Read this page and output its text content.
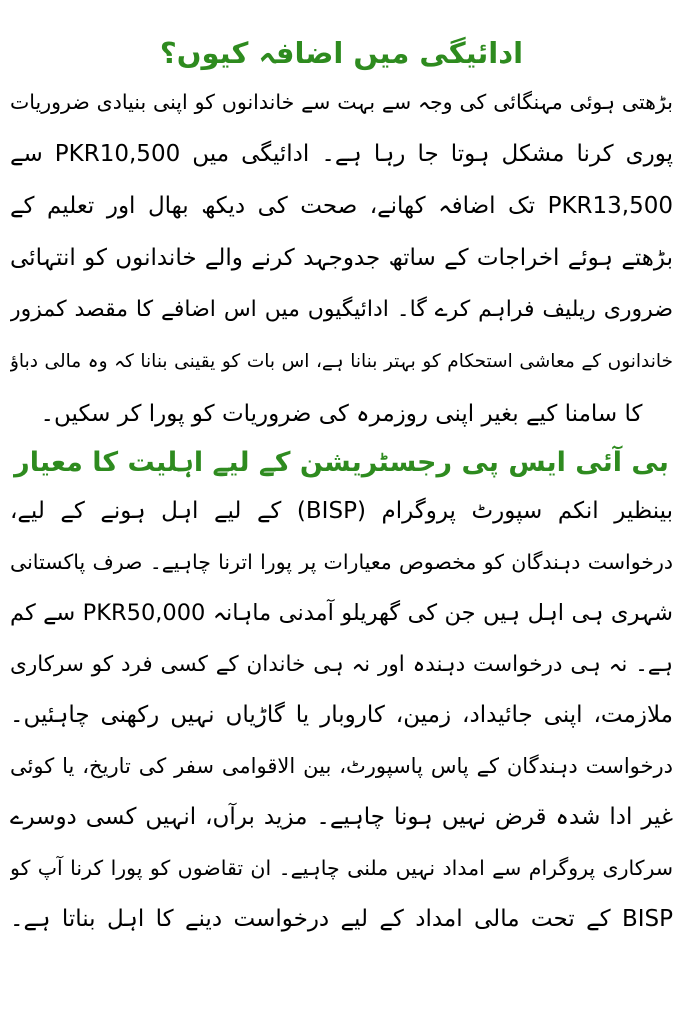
ادائیگی میں اضافہ کیوں؟
بڑھتی ہوئی مہنگائی کی وجہ سے بہت سے خاندانوں کو اپنی بنیادی ضروریات
پوری کرنا مشکل ہوتا جا رہا ہے۔ ادائیگی میں PKR10,500 سے
PKR13,500 تک اضافہ کھانے، صحت کی دیکھ بھال اور تعلیم کے
بڑھتے ہوئے اخراجات کے ساتھ جدوجہد کرنے والے خاندانوں کو انتہائی
ضروری ریلیف فراہم کرے گا۔ ادائیگیوں میں اس اضافے کا مقصد کمزور
خاندانوں کے معاشی استحکام کو بہتر بنانا ہے، اس بات کو یقینی بنانا کہ وہ مالی دباؤ
کا سامنا کیے بغیر اپنی روزمرہ کی ضروریات کو پورا کر سکیں۔
بی آئی ایس پی رجسٹریشن کے لیے اہلیت کا معیار
بینظیر انکم سپورٹ پروگرام (BISP) کے لیے اہل ہونے کے لیے،
درخواست دہندگان کو مخصوص معیارات پر پورا اترنا چاہیے۔ صرف پاکستانی
شہری ہی اہل ہیں جن کی گھریلو آمدنی ماہانہ PKR50,000 سے کم
ہے۔ نہ ہی درخواست دہندہ اور نہ ہی خاندان کے کسی فرد کو سرکاری
ملازمت، اپنی جائیداد، زمین، کاروبار یا گاڑیاں نہیں رکھنی چاہئیں۔
درخواست دہندگان کے پاس پاسپورٹ، بین الاقوامی سفر کی تاریخ، یا کوئی
غیر ادا شدہ قرض نہیں ہونا چاہیے۔ مزید برآں، انہیں کسی دوسرے
سرکاری پروگرام سے امداد نہیں ملنی چاہیے۔ ان تقاضوں کو پورا کرنا آپ کو
BISP کے تحت مالی امداد کے لیے درخواست دینے کا اہل بناتا ہے۔
